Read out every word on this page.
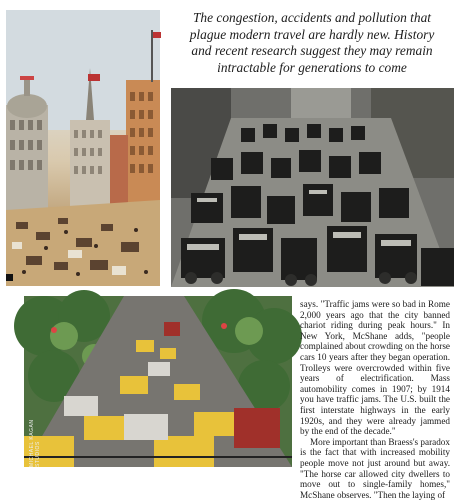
The congestion, accidents and pollution that
plague modern travel are hardly new. History
and recent research suggest they may remain
intractable for generations to come
MICHAEL KAGAN STUDIOS

says. "Traffic jams were so bad in Rome 2,000 years ago that the city banned chariot riding during peak hours." In New York, McShane adds, "people complained about crowding on the horse cars 10 years after they began operation. Trolleys were overcrowded within five years of electrification. Mass automobility comes in 1907; by 1914 you have traffic jams. The U.S. built the first interstate highways in the early 1920s, and they were already jammed by the end of the decade."

More important than Braess's paradox is the fact that with increased mobility people move not just around but away. "The horse car allowed city dwellers to move out to single-family homes," McShane observes. "Then the laying of
